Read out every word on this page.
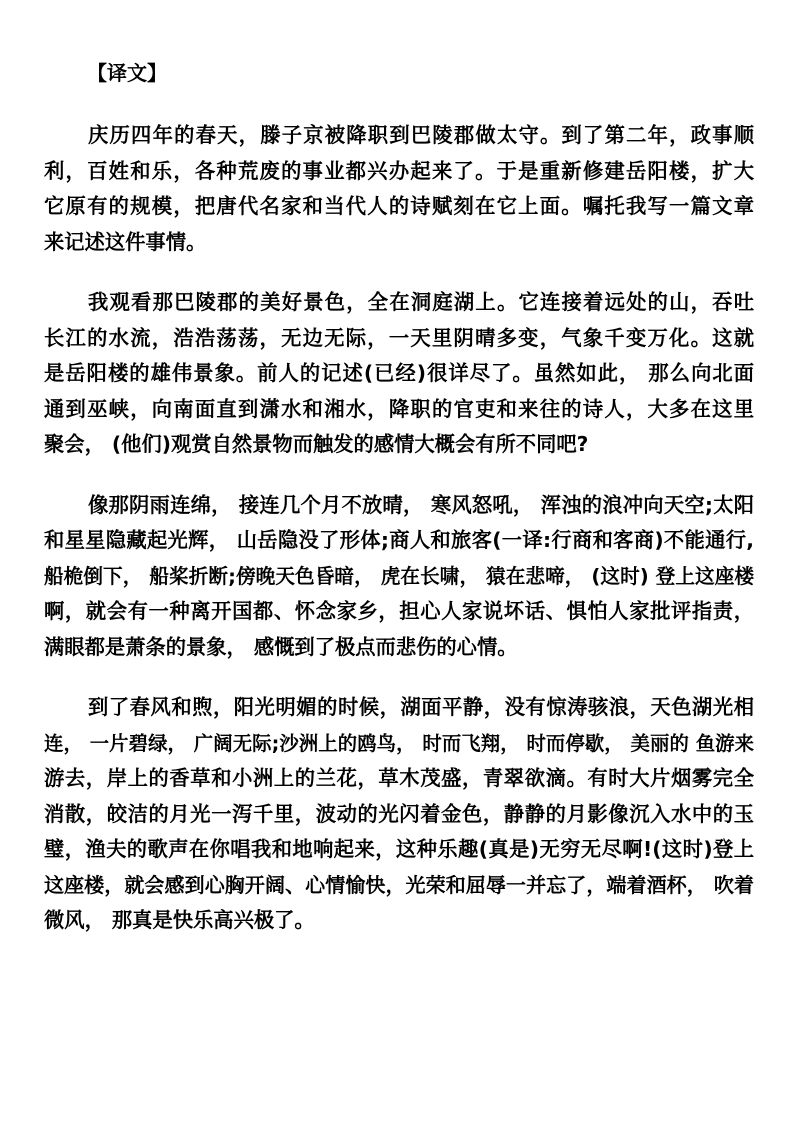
【译文】
庆历四年的春天，滕子京被降职到巴陵郡做太守。到了第二年，政事顺
利，百姓和乐，各种荒废的事业都兴办起来了。于是重新修建岳阳楼，扩大
它原有的规模，把唐代名家和当代人的诗赋刻在它上面。嘱托我写一篇文章
来记述这件事情。
我观看那巴陵郡的美好景色，全在洞庭湖上。它连接着远处的山，吞吐
长江的水流，浩浩荡荡，无边无际，一天里阴晴多变，气象千变万化。这就
是岳阳楼的雄伟景象。前人的记述(已经)很详尽了。虽然如此， 那么向北面
通到巫峡，向南面直到潇水和湘水，降职的官吏和来往的诗人，大多在这里
聚会， (他们)观赏自然景物而触发的感情大概会有所不同吧?
像那阴雨连绵， 接连几个月不放晴， 寒风怒吼， 浑浊的浪冲向天空;太阳
和星星隐藏起光辉， 山岳隐没了形体;商人和旅客(一译:行商和客商)不能通行,
船桅倒下， 船桨折断;傍晚天色昏暗， 虎在长啸， 猿在悲啼， (这时) 登上这座楼
啊，就会有一种离开国都、怀念家乡，担心人家说坏话、惧怕人家批评指责，
满眼都是萧条的景象， 感慨到了极点而悲伤的心情。
到了春风和煦，阳光明媚的时候，湖面平静，没有惊涛骇浪，天色湖光相
连， 一片碧绿， 广阔无际;沙洲上的鸥鸟， 时而飞翔， 时而停歇， 美丽的 鱼游来
游去，岸上的香草和小洲上的兰花，草木茂盛，青翠欲滴。有时大片烟雾完全
消散，皎洁的月光一泻千里，波动的光闪着金色，静静的月影像沉入水中的玉
璧，渔夫的歌声在你唱我和地响起来，这种乐趣(真是)无穷无尽啊!(这时)登上
这座楼，就会感到心胸开阔、心情愉快，光荣和屈辱一并忘了，端着酒杯， 吹着
微风， 那真是快乐高兴极了。
